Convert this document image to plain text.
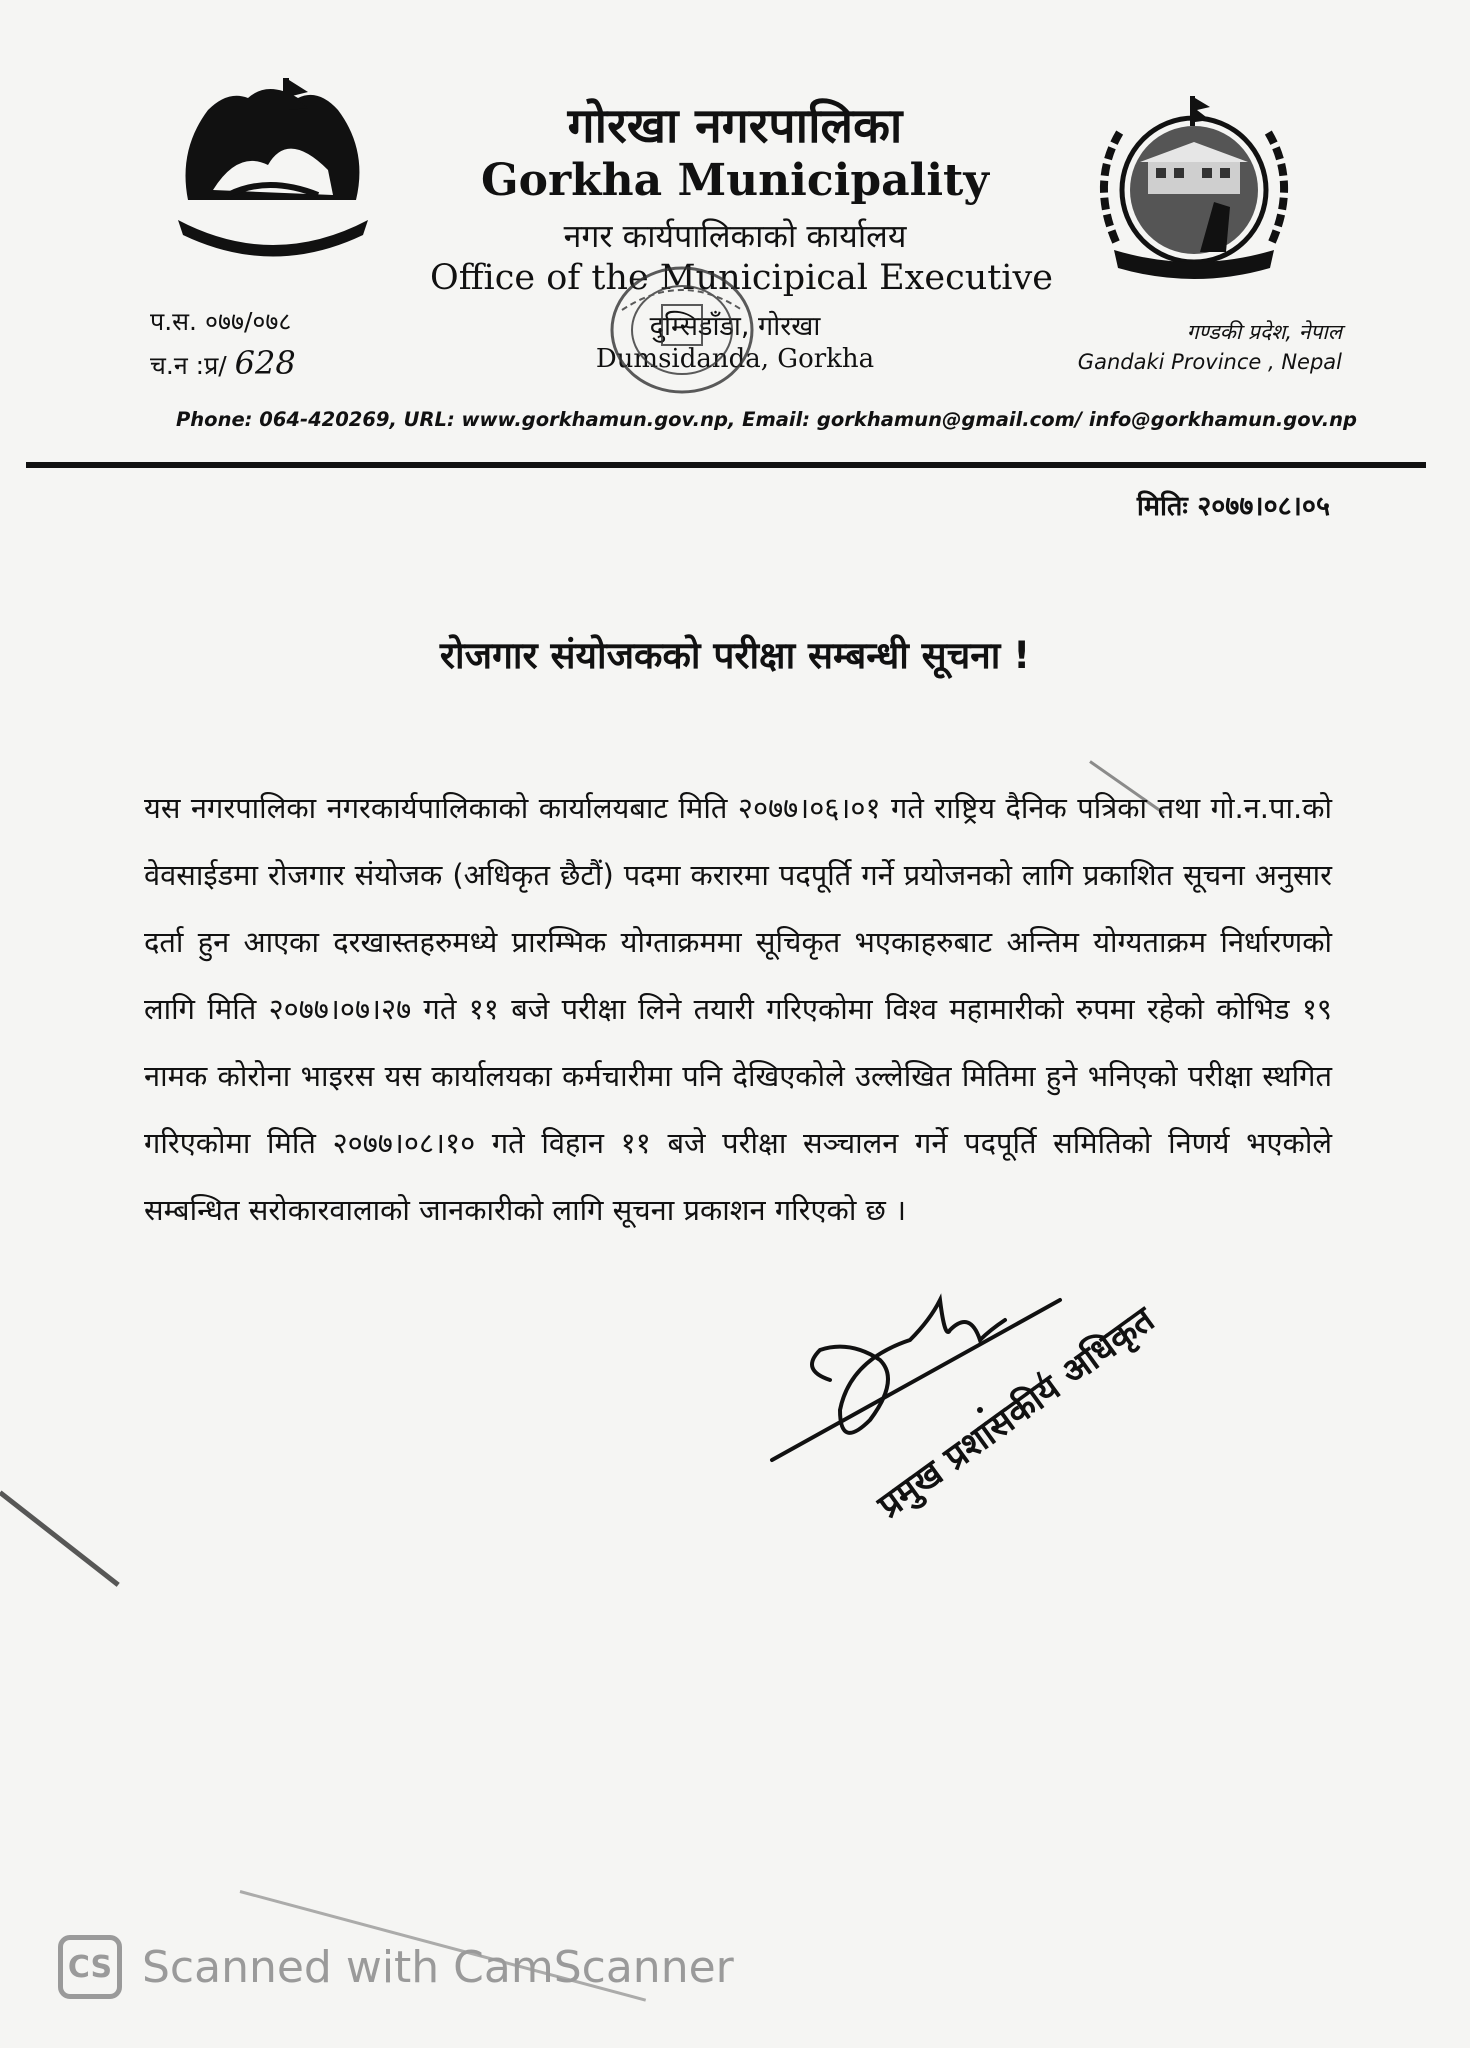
गोरखा नगरपालिका
Gorkha Municipality
नगर कार्यपालिकाको कार्यालय
Office of the Municipical Executive
दुम्सिडाँडा, गोरखा
Dumsidanda, Gorkha
प.स. ०७७/०७८
च.न :प्र/ 628
गण्डकी प्रदेश, नेपाल
Gandaki Province , Nepal
Phone: 064-420269, URL: www.gorkhamun.gov.np, Email: gorkhamun@gmail.com/ info@gorkhamun.gov.np
मितिः २०७७।०८।०५
रोजगार संयोजकको परीक्षा सम्बन्धी सूचना !
यस नगरपालिका नगरकार्यपालिकाको कार्यालयबाट मिति २०७७।०६।०१ गते राष्ट्रिय दैनिक पत्रिका तथा गो.न.पा.को वेवसाईडमा रोजगार संयोजक (अधिकृत छैटौं) पदमा करारमा पदपूर्ति गर्ने प्रयोजनको लागि प्रकाशित सूचना अनुसार दर्ता हुन आएका दरखास्तहरुमध्ये प्रारम्भिक योग्ताक्रममा सूचिकृत भएकाहरुबाट अन्तिम योग्यताक्रम निर्धारणको लागि मिति २०७७।०७।२७ गते ११ बजे परीक्षा लिने तयारी गरिएकोमा विश्व महामारीको रुपमा रहेको कोभिड १९ नामक कोरोना भाइरस यस कार्यालयका कर्मचारीमा पनि देखिएकोले उल्लेखित मितिमा हुने भनिएको परीक्षा स्थगित गरिएकोमा मिति २०७७।०८।१० गते विहान ११ बजे परीक्षा सञ्चालन गर्ने पदपूर्ति समितिको निणर्य भएकोले सम्बन्धित सरोकारवालाको जानकारीको लागि सूचना प्रकाशन गरिएको छ ।
प्रमुख प्रशासकीय अधिकृत
CS Scanned with CamScanner
